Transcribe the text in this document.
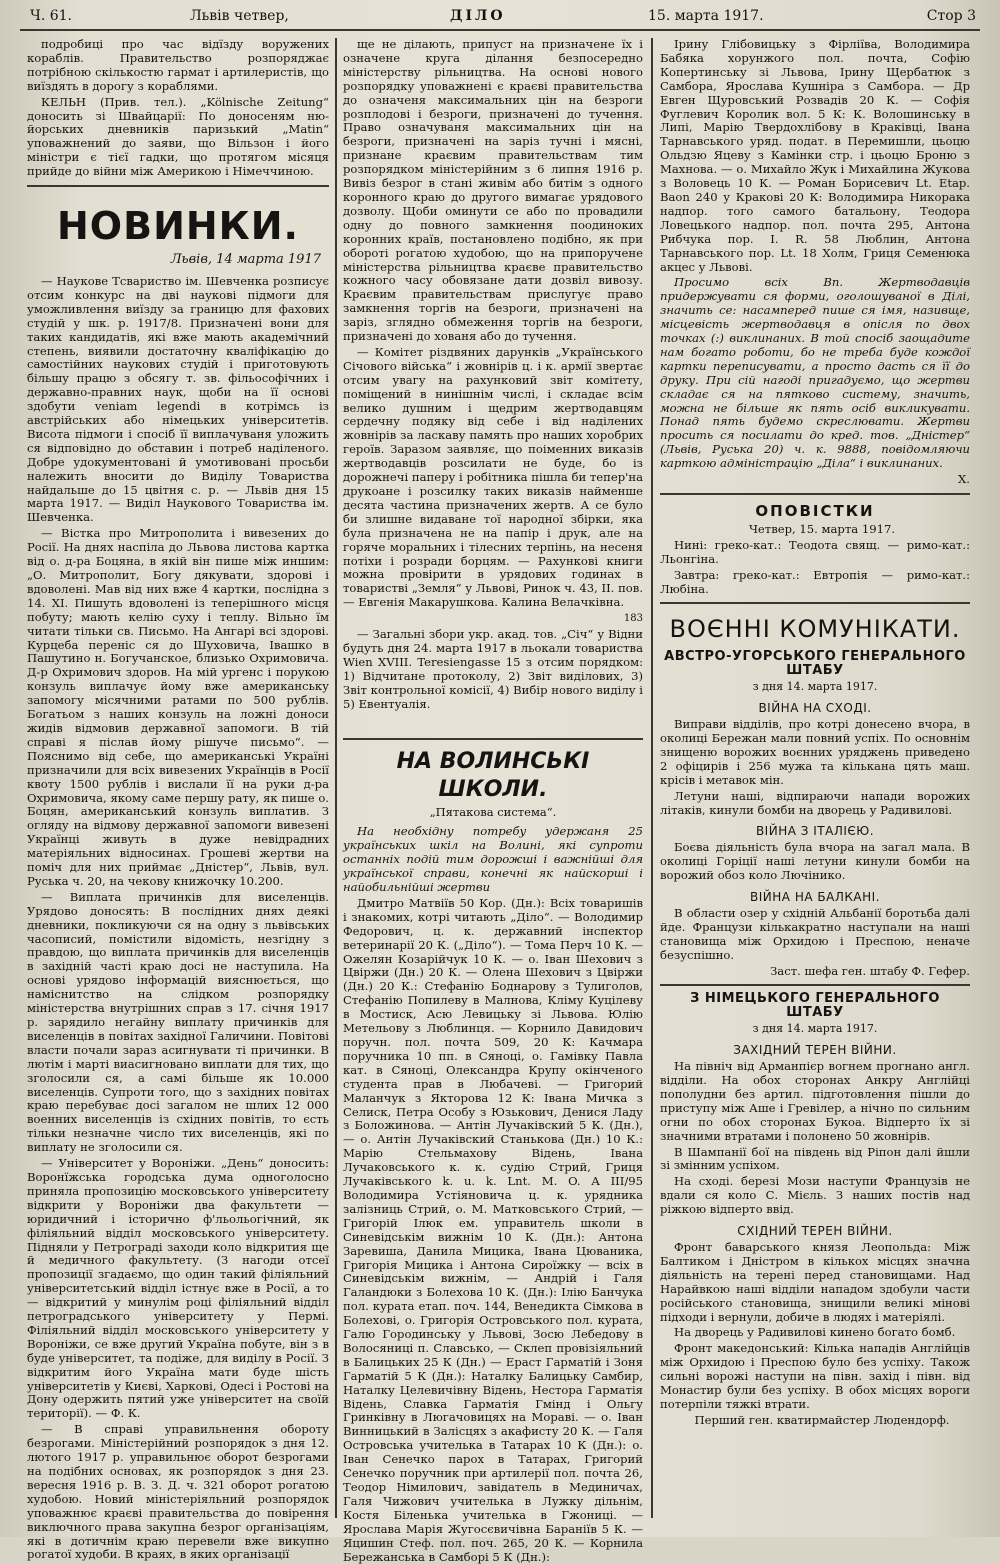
Ч. 61.	Львів четвер,	ДІЛО	15. марта 1917.	Стор 3

подробиці про час відїзду воружених кораблів. Правительство розпоряджає потрібною скількостю гармат і артилеристів, що виїздять в дорогу з кораблями.

КЕЛЬН (Прив. тел.). „Kölnische Zeitung“ доносить зі Швайцарії: По доносеням ню-йорських дневників паризький „Matin“ уповажнений до заяви, що Вільзон і його міністри є тієї гадки, що протягом місяця прийде до війни між Америкою і Німеччиною.

НОВИНКИ.
Львів, 14 марта 1917

— Наукове Тсвариство ім. Шевченка розписує отсим конкурс на дві наукові підмоги для уможливлення виїзду за границю для фахових студій у шк. р. 1917/8. Призначені вони для таких кандидатів, які вже мають академічний степень, виявили достаточну кваліфікацію до самостійних наукових студій і приготовують більшу працю з обсягу т. зв. фільософічних і державно-правних наук, щоби на її основі здобути venіam legendi в котрімсь із австрійських або німецьких університетів. Висота підмоги і спосіб її виплачуваня уложить ся відповідно до обставин і потреб наділеного. Добре удокументовані й умотивовані просьби належить вносити до Виділу Товариства найдальше до 15 цвітня с. р. — Львів дня 15 марта 1917. — Виділ Наукового Товариства ім. Шевченка.

— Вістка про Митрополита і вивезених до Росії. На днях наспіла до Львова листова картка від о. д-ра Боцяна, в якій він пише між иншим: „О. Митрополит, Богу дякувати, здорові і вдоволені. Мав від них вже 4 картки, послідна з 14. XI. Пишуть вдоволені із теперішного місця побуту; мають келію суху і теплу. Вільно їм читати тільки св. Письмо. На Ангарі всі здорові. Курцеба переніс ся до Шуховича, Івашко в Пашутино н. Богучанское, близько Охримовича. Д-р Охримович здоров. На мій ургенс і порукою конзуль виплачує йому вже американську запомогу місячними ратами по 500 рублів. Богатьом з наших конзуль на ложні доноси жидів відмовив державної запомоги. В тій справі я післав йому рішуче письмо“. — Пояснимо від себе, що американські Україні призначили для всіх вивезених Українців в Росії квоту 1500 рублів і вислали її на руки д-ра Охримовича, якому саме першу рату, як пише о. Боцян, американський конзуль виплатив. З огляду на відмову державної запомоги вивезені Українці живуть в дуже невідрадних матеріяльних відносинах. Грошеві жертви на поміч для них приймає „Дністер“, Львів, вул. Руська ч. 20, на чекову книжочку 10.200.

— Виплата причинків для виселенців. Урядово доносять: В послідних днях деякі дневники, покликуючи ся на одну з львівських часописий, помістили відомість, незгідну з правдою, що виплата причинків для виселенців в західній часті краю досі не наступила. На основі урядово інформацій вияснюється, що наміснитство на слідком розпорядку міністерства внутрішних справ з 17. січня 1917 р. зарядило негайну виплату причинків для виселенців в повітах західної Галичини. Повітові власти почали зараз асигнувати ті причинки. В лютім і марті виасигновано виплати для тих, що зголосили ся, а самі більше як 10.000 виселенців. Супроти того, що з західних повітах краю перебуває досі загалом не шлих 12 000 военних виселенців із східних повітів, то єсть тільки незначне число тих виселенців, які по виплату не зголосили ся.

— Університет у Вороніжи. „День“ доносить: Воронїжська городська дума одноголосно приняла пропозицію московського університету відкрити у Вороніжи два факультети — юридичний і історично ф'льольогічний, як філіяльний відділ московського університету. Підняли у Петрограді заходи коло відкрития ще й медичного факультету. (З нагоди отсеї пропозиції згадаємо, що один такий філіяльний університетський відділ істнує вже в Росії, а то — відкритий у минулім році філіяльний відділ петроградського університету у Пермі. Філіяльний відділ московського університету у Вороніжи, се вже другий Україна побуте, він з в буде університет, та подіже, для виділу в Росії. З відкритим його Україна мати буде шість університетів у Києві, Харкові, Одесі і Ростові на Дону одержить пятий уже університет на своїй території). — Ф. К.

— В справі управильнення обороту безрогами. Міністерійний розпорядок з дня 12. лютого 1917 р. управильнює оборот безрогами на подібних основах, як розпорядок з дня 23. вересня 1916 р. В. З. Д. ч. 321 оборот рогатою худобою. Новий міністеріяльний розпорядок уповажнює краєві правительства до повірення виключного права закупна безрог організаціям, які в дотичнім краю перевели вже викупно рогатої худоби. В краях, в яких організації

ще не ділають, припуст на призначене їх і означене круга ділання безпосередно міністерству рільництва. На основі нового розпорядку уповажнені є краєві правительства до означеня максимальних цін на безроги розплодові і безроги, призначені до тучення. Право означуваня максимальних цін на безроги, призначені на заріз тучні і мясні, признане краєвим правительствам тим розпорядком міністерійним з 6 липня 1916 р. Вивіз безрог в стані живім або битім з одного коронного краю до другого вимагає урядового дозволу. Щоби оминути се або по провадили одну до повного замкнення поодиноких коронних країв, постановлено подібно, як при обороті рогатою худобою, що на припоручене міністерства рільництва краєве правительство кожного часу обовязане дати дозвіл вивозу. Краєвим правительствам прислугує право замкнення торгів на безроги, призначені на заріз, зглядно обмеження торгів на безроги, призначені до хованя або до тучення.

— Комітет різдвяних дарунків „Українського Січового війська“ і жовнірів ц. і к. армії звертає отсим увагу на рахунковий звіт комітету, поміщений в нинішнім числі, і складає всім велико душним і щедрим жертводавцям сердечну подяку від себе і від наділених жовнірів за ласкаву память про наших хоробрих героїв. Заразом заявляє, що поіменних виказів жертводавців розсилати не буде, бо із дорожнечі паперу і робітника пішла би тепер'на друкоане і розсилку таких виказів найменше десята частина призначених жертв. А се було би злишне видаване тої народної збірки, яка була призначена не на папір і друк, але на горяче моральних і тілесних терпінь, на несеня потіхи і розради борцям. — Рахункові книги можна провірити в урядових годинах в товаристві „Земля“ у Львові, Ринок ч. 43, II. пов. — Евгенія Макарушкова. Калина Велачківна.

183

— Загальні збори укр. акад. тов. „Січ“ у Відни будуть дня 24. марта 1917 в льокали товариства Wien XVIII. Teresiengasse 15 з отсим порядком: 1) Відчитане протоколу, 2) Звіт виділових, 3) Звіт контрольної комісії, 4) Вибір нового виділу і 5) Евентуалія.

НА ВОЛИНСЬКІ ШКОЛИ.
„Пятакова система“.

На необхідну потребу удержаня 25 українських шкіл на Волині, які супроти останніх подій тим дорожші і важнійші для української справи, конечні як найскорші і найобильнійші жертви

Дмитро Матвіїв 50 Кор. (Дн.): Всіх товаришів і знакомих, котрі читають „Діло“. — Володимир Федорович, ц. к. державний інспектор ветеринарії 20 К. („Діло“). — Тома Перч 10 К. — Ожелян Козарійчук 10 К. — о. Іван Шехович з Цвіржи (Дн.) 20 К. — Олена Шехович з Цвіржи (Дн.) 20 К.: Стефанію Боднарову з Тулиголов, Стефанію Попилеву в Малнова, Кліму Куцілеву в Мостиск, Асю Левицьку зі Львова. Юлію Метельову з Люблинця. — Корнило Давидович поручн. пол. почта 509, 20 К: Качмара поручника 10 пп. в Сяноці, о. Гамівку Павла кат. в Сяноці, Олександра Крупу окінченого студента прав в Любачеві. — Григорий Маланчук з Якторова 12 К: Івана Мичка з Селиск, Петра Особу з Юзькович, Денися Ладу з Боложинова. — Антін Лучаківский 5 К. (Дн.), — о. Антін Лучаківский Станькова (Дн.) 10 К.: Марію Стельмахову Відень, Івана Лучаковського к. к. судію Стрий, Гриця Лучаківського k. u. k. Lnt. M. O. A III/95 Володимира Устіяновича ц. к. урядника залізниць Стрий, о. М. Матковського Стрий, — Григорій Ілюк ем. управитель школи в Синевідськім вижнім 10 К. (Дн.): Антона Заревиша, Данила Мицика, Івана Цюваника, Григорія Мицика і Антона Сироїжку — всіх в Синевідськім вижнім, — Андрій і Галя Галандюки з Болехова 10 К. (Дн.): Ілію Банчука пол. курата етап. поч. 144, Венедикта Сімкова в Болехові, о. Григорія Островського пол. курата, Галю Городинську у Львові, Зосю Лебедову в Волосяниці п. Славсько, — Склеп провізіяльний в Балицьких 25 К (Дн.) — Ераст Гарматій і Зоня Гарматій 5 К (Дн.): Наталку Балицьку Самбир, Наталку Целевичівну Відень, Нестора Гарматія Відень, Славка Гарматія Гмінд і Ольгу Гринківну в Люгачовицях на Мораві. — о. Іван Винницький в Залісцях з акафисту 20 К. — Галя Островська учителька в Татарах 10 К (Дн.): о. Іван Сенечко парох в Татарах, Григорий Сенечко поручник при артилерії пол. почта 26, Теодор Німилович, завідатель в Мединичах, Галя Чижович учителька в Лужку дільнім, Костя Біленька учителька в Гжониці. — Ярослава Марія Жугосєвичівна Бараніїв 5 К. — Яцишин Стеф. пол. поч. 265, 20 К. — Корнила Бережанська в Самборі 5 К (Дн.):

Ірину Глібовицьку з Фірліїва, Володимира Бабяка хорунжого пол. почта, Софію Копертинську зі Львова, Ірину Щербатюк з Самбора, Ярослава Кушніра з Самбора. — Др Евген Щуровський Розвадів 20 К. — Софія Фуглевич Королик вол. 5 К: К. Волошинську в Липі, Марію Твердохлібову в Краківці, Івана Тарнавського уряд. подат. в Перемишли, цьоцю Ольдзю Яцеву з Камінки стр. і цьоцю Броню з Махнова. — о. Михайло Жук і Михайлина Жукова з Воловець 10 К. — Роман Борисевич Lt. Etap. Baon 240 у Кракові 20 К: Володимира Никорака надпор. того самого батальону, Теодора Ловецького надпор. пол. почта 295, Антона Рибчука пор. І. R. 58 Люблин, Антона Тарнавського пор. Lt. 18 Холм, Гриця Семенюка акцес у Львові.

Просимо всіх Вп. Жертводавців придержувати ся форми, оголошуваної в Ділі, значить се: насамперед пише ся імя, називще, місцевість жертводавця в опісля по двох точках (:) виклинаних. В той спосіб заощадите нам богато роботи, бо не треба буде кождої картки переписувати, а просто дасть ся її до друку. При сій нагоді пригадуємо, що жертви складає ся на пятково систему, значить, можна не більше як пять осіб викликувати. Понад пять будемо скреслювати. Жертви просить ся посилати до кред. тов. „Дністер“ (Львів, Руська 20) ч. к. 9888, повідомляючи карткою адміністрацію „Діла“ і виклинаних.

Х.

ОПОВІСТКИ

Четвер, 15. марта 1917.

Нині: греко-кат.: Теодота свящ. — римо-кат.: Льонгіна.

Завтра: греко-кат.: Евтропія — римо-кат.: Любіна.

ВОЄННІ КОМУНІКАТИ.
АВСТРО-УГОРСЬКОГО ГЕНЕРАЛЬНОГО ШТАБУ
з дня 14. марта 1917.
ВІЙНА НА СХОДІ.

Виправи відділів, про котрі донесено вчора, в околиці Бережан мали повний успіх. По основнім знищеню ворожих воєнних уряджень приведено 2 офіцирів і 256 мужа та кількана цять маш. крісів і метавок мін.

Летуни наші, відпираючи напади ворожих літаків, кинули бомби на дворець у Радивилові.

ВІЙНА З ІТАЛІЄЮ.

Боєва діяльність була вчора на загал мала. В околиці Горіції наші летуни кинули бомби на ворожий обоз коло Лючінико.

ВІЙНА НА БАЛКАНІ.

В области озер у східній Альбанії боротьба далі йде. Французи кількакратно наступали на наші становища між Орхидою і Преспою, неначе безуспішно.

Заст. шефа ген. штабу Ф. Гефер.

З НІМЕЦЬКОГО ГЕНЕРАЛЬНОГО ШТАБУ
з дня 14. марта 1917.
ЗАХІДНИЙ ТЕРЕН ВІЙНИ.

На північ від Арманпієр вогнем прогнано англ. відділи. На обох сторонах Анкру Англійці пополудни без артил. підготовлення пішли до приступу між Аше і Гревілер, а нічно по сильним огни по обох сторонах Букоа. Відперто їх зі значними втратами і полонено 50 жовнірів.

В Шампанії бої на південь від Ріпон далі йшли зі змінним успіхом.

На сході. березі Мози наступи Французів не вдали ся коло С. Мієль. З наших постів над ріжкою відперто ввід.

СХІДНИЙ ТЕРЕН ВІЙНИ.

Фронт баварського князя Леопольда: Між Балтиком і Дністром в кількох місцях значна діяльність на терені перед становищами. Над Нарайвкою наші відділи нападом здобули части російського становища, знищили великі мінові підходи і вернули, добиче в людях і матеріялі.

На дворець у Радивилові кинено богато бомб.

Фронт македонський: Кілька нападів Англійців між Орхидою і Преспою було без успіху. Також сильні ворожі наступи на півн. захід і півн. від Монастир були без успіху. В обох місцях вороги потерпіли тяжкі втрати.

Перший ген. кватирмайстер Людендорф.
